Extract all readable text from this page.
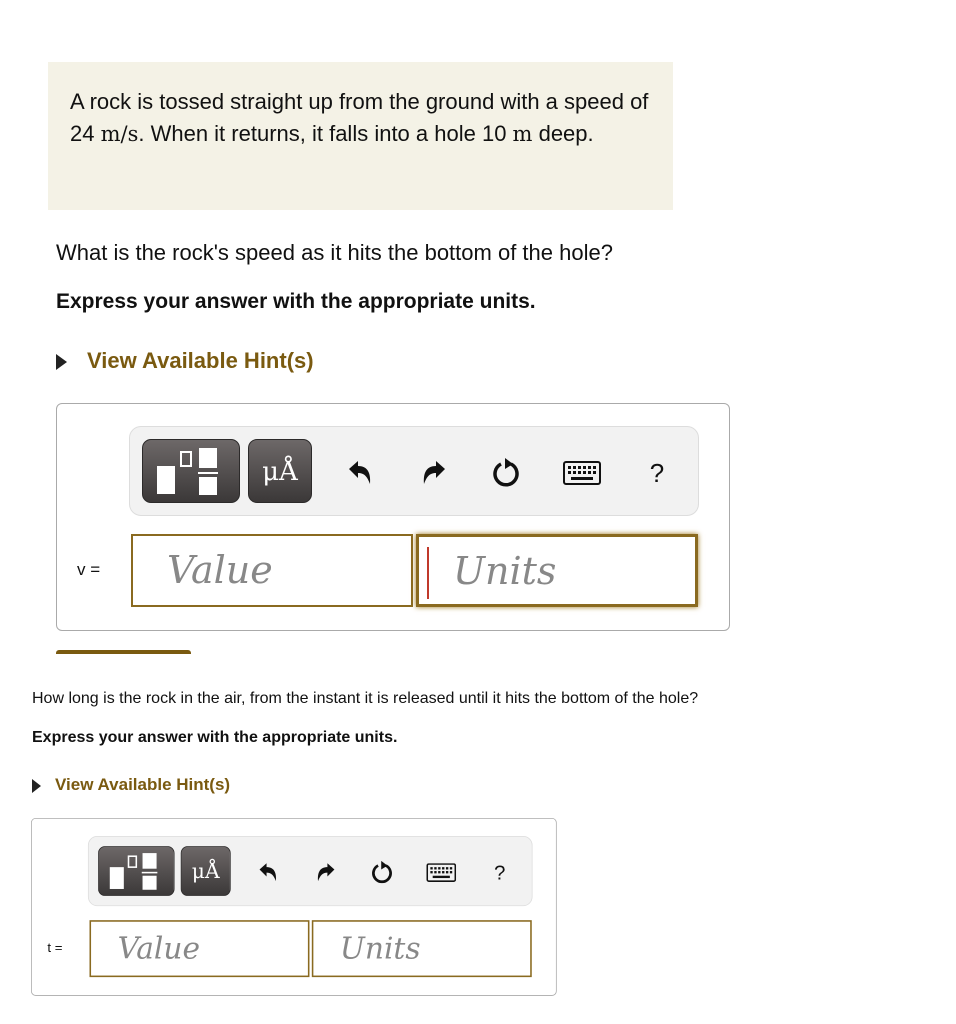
A rock is tossed straight up from the ground with a speed of 24 m/s. When it returns, it falls into a hole 10 m deep.

What is the rock's speed as it hits the bottom of the hole?
Express your answer with the appropriate units.
View Available Hint(s)
μÅ	?
v =	Value	Units
How long is the rock in the air, from the instant it is released until it hits the bottom of the hole?
Express your answer with the appropriate units.
View Available Hint(s)
μÅ	?
t =	Value	Units
